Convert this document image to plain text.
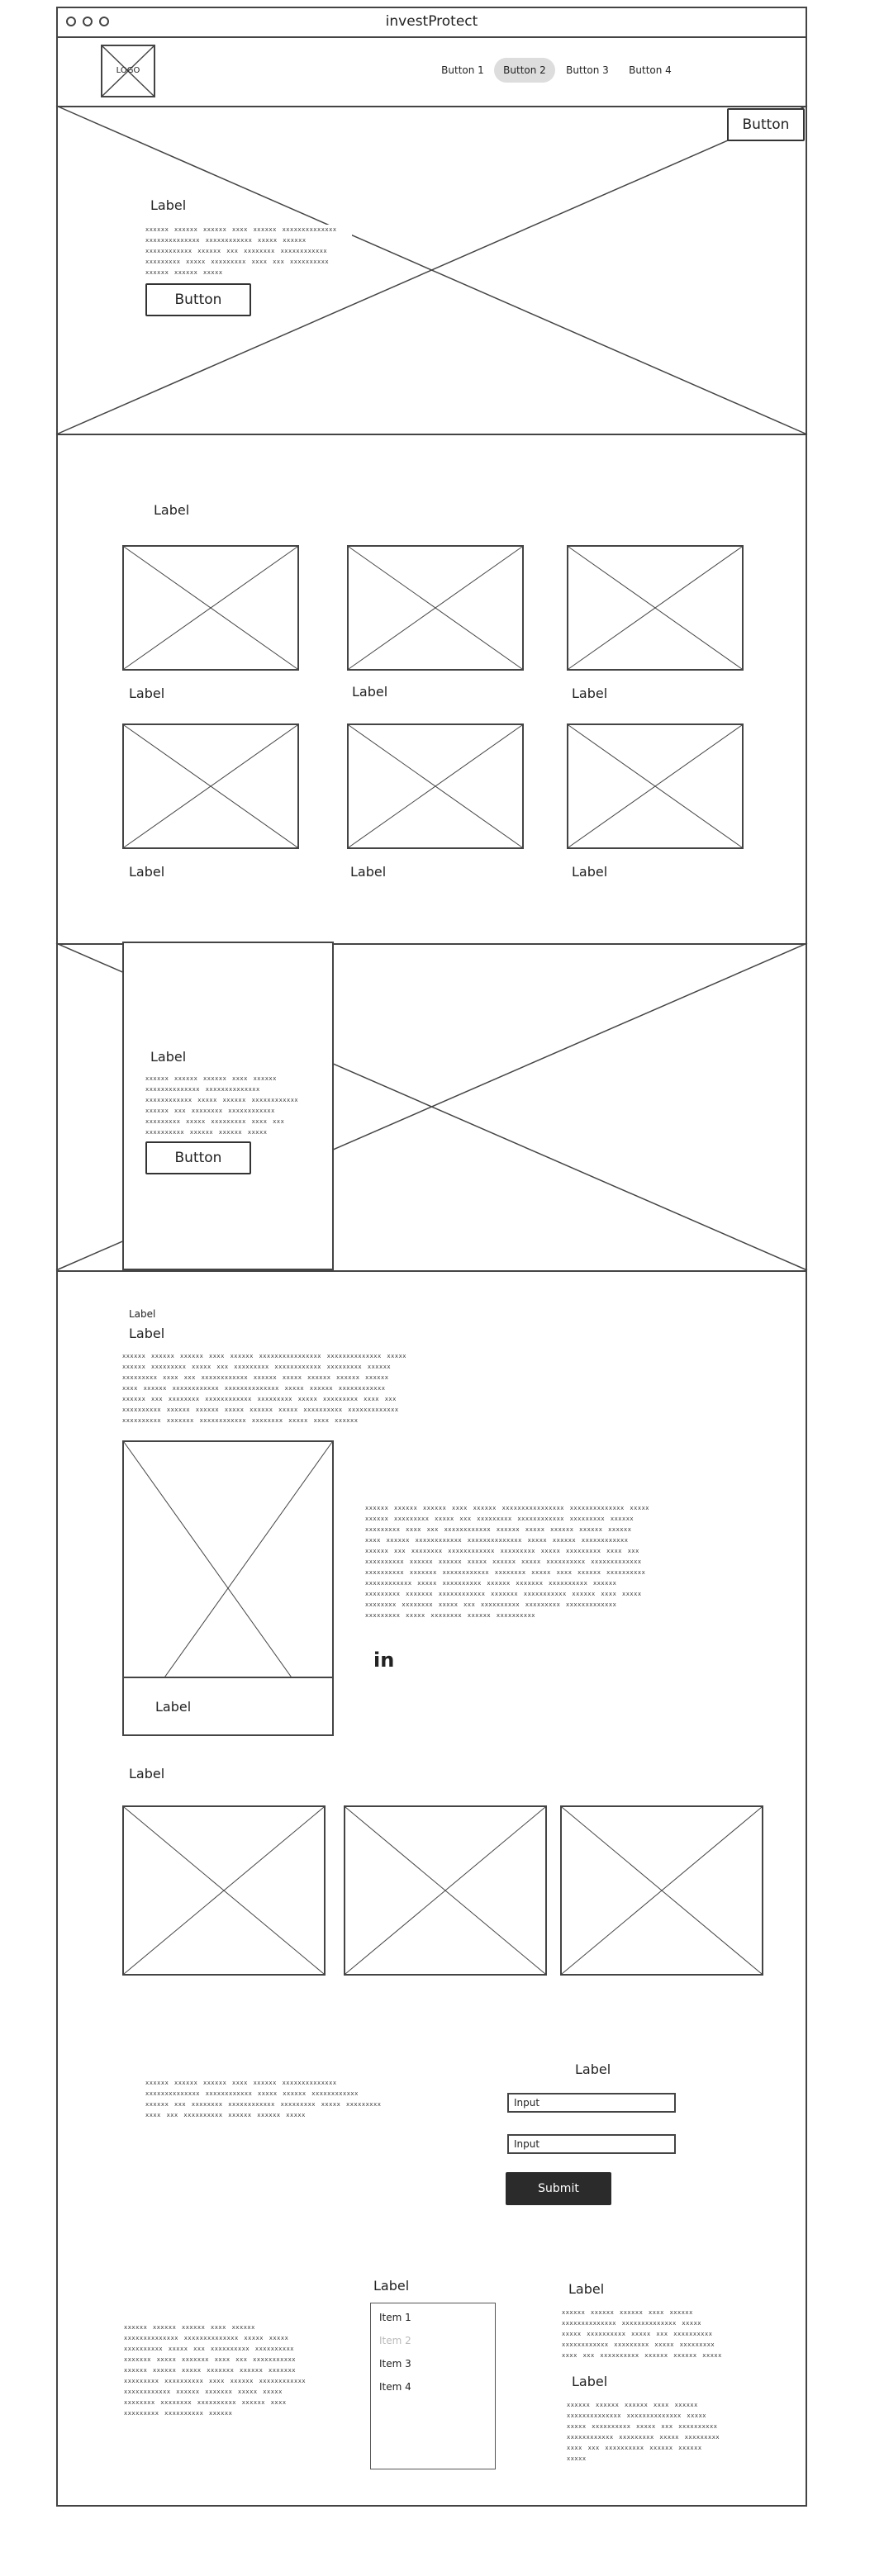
investProtect
LOGO	Button 1	Button 2	Button 3	Button 4
Button
Label
xxxxxx xxxxxx xxxxxx xxxx xxxxxx xxxxxxxxxxxxxx xxxxxxxxxxxxxx xxxxxxxxxxxx xxxxx xxxxxx xxxxxxxxxxxx xxxxxx xxx xxxxxxxx xxxxxxxxxxxx xxxxxxxxx xxxxx xxxxxxxxx xxxx xxx xxxxxxxxxx xxxxxx xxxxxx xxxxx
Button
Label
Label	Label	Label
Label	Label	Label
Label
xxxxxx xxxxxx xxxxxx xxxx xxxxxx xxxxxxxxxxxxxx xxxxxxxxxxxxxx xxxxxxxxxxxx xxxxx xxxxxx xxxxxxxxxxxx xxxxxx xxx xxxxxxxx xxxxxxxxxxxx xxxxxxxxx xxxxx xxxxxxxxx xxxx xxx xxxxxxxxxx xxxxxx xxxxxx xxxxx
Button
Label
Label
xxxxxx xxxxxx xxxxxx xxxx xxxxxx xxxxxxxxxxxxxxxx xxxxxxxxxxxxxx xxxxx xxxxxx xxxxxxxxx xxxxx xxx xxxxxxxxx xxxxxxxxxxxx xxxxxxxxx xxxxxx xxxxxxxxx xxxx xxx xxxxxxxxxxxx xxxxxx xxxxx xxxxxx xxxxxx xxxxxx xxxx xxxxxx xxxxxxxxxxxx xxxxxxxxxxxxxx xxxxx xxxxxx xxxxxxxxxxxx xxxxxx xxx xxxxxxxx xxxxxxxxxxxx xxxxxxxxx xxxxx xxxxxxxxx xxxx xxx xxxxxxxxxx xxxxxx xxxxxx xxxxx xxxxxx xxxxx xxxxxxxxxx xxxxxxxxxxxxx xxxxxxxxxx xxxxxxx xxxxxxxxxxxx xxxxxxxx xxxxx xxxx xxxxxx
Label
xxxxxx xxxxxx xxxxxx xxxx xxxxxx xxxxxxxxxxxxxxxx xxxxxxxxxxxxxx xxxxx xxxxxx xxxxxxxxx xxxxx xxx xxxxxxxxx xxxxxxxxxxxx xxxxxxxxx xxxxxx xxxxxxxxx xxxx xxx xxxxxxxxxxxx xxxxxx xxxxx xxxxxx xxxxxx xxxxxx xxxx xxxxxx xxxxxxxxxxxx xxxxxxxxxxxxxx xxxxx xxxxxx xxxxxxxxxxxx xxxxxx xxx xxxxxxxx xxxxxxxxxxxx xxxxxxxxx xxxxx xxxxxxxxx xxxx xxx xxxxxxxxxx xxxxxx xxxxxx xxxxx xxxxxx xxxxx xxxxxxxxxx xxxxxxxxxxxxx xxxxxxxxxx xxxxxxx xxxxxxxxxxxx xxxxxxxx xxxxx xxxx xxxxxx xxxxxxxxxx xxxxxxxxxxxx xxxxx xxxxxxxxxx xxxxxx xxxxxxx xxxxxxxxxx xxxxxx xxxxxxxxx xxxxxxx xxxxxxxxxxxx xxxxxxx xxxxxxxxxxx xxxxxx xxxx xxxxx xxxxxxxx xxxxxxxx xxxxx xxx xxxxxxxxxx xxxxxxxxx xxxxxxxxxxxxx xxxxxxxxx xxxxx xxxxxxxx xxxxxx xxxxxxxxxx
in
Label
xxxxxx xxxxxx xxxxxx xxxx xxxxxx xxxxxxxxxxxxxx xxxxxxxxxxxxxx xxxxxxxxxxxx xxxxx xxxxxx xxxxxxxxxxxx xxxxxx xxx xxxxxxxx xxxxxxxxxxxx xxxxxxxxx xxxxx xxxxxxxxx xxxx xxx xxxxxxxxxx xxxxxx xxxxxx xxxxx
Label
Input
Input
Submit
xxxxxx xxxxxx xxxxxx xxxx xxxxxx xxxxxxxxxxxxxx xxxxxxxxxxxxxx xxxxx xxxxx xxxxxxxxxx xxxxx xxx xxxxxxxxxx xxxxxxxxxx xxxxxxx xxxxx xxxxxxx xxxx xxx xxxxxxxxxxx xxxxxx xxxxxx xxxxx xxxxxxx xxxxxx xxxxxxx xxxxxxxxx xxxxxxxxxx xxxx xxxxxx xxxxxxxxxxxx xxxxxxxxxxxx xxxxxx xxxxxxx xxxxx xxxxx xxxxxxxx xxxxxxxx xxxxxxxxxx xxxxxx xxxx xxxxxxxxx xxxxxxxxxx xxxxxx
Label
Item 1
Item 2
Item 3
Item 4
Label
xxxxxx xxxxxx xxxxxx xxxx xxxxxx xxxxxxxxxxxxxx xxxxxxxxxxxxxx xxxxx xxxxx xxxxxxxxxx xxxxx xxx xxxxxxxxxx xxxxxxxxxxxx xxxxxxxxx xxxxx xxxxxxxxx xxxx xxx xxxxxxxxxx xxxxxx xxxxxx xxxxx
Label
xxxxxx xxxxxx xxxxxx xxxx xxxxxx xxxxxxxxxxxxxx xxxxxxxxxxxxxx xxxxx xxxxx xxxxxxxxxx xxxxx xxx xxxxxxxxxx xxxxxxxxxxxx xxxxxxxxx xxxxx xxxxxxxxx xxxx xxx xxxxxxxxxx xxxxxx xxxxxx xxxxx
